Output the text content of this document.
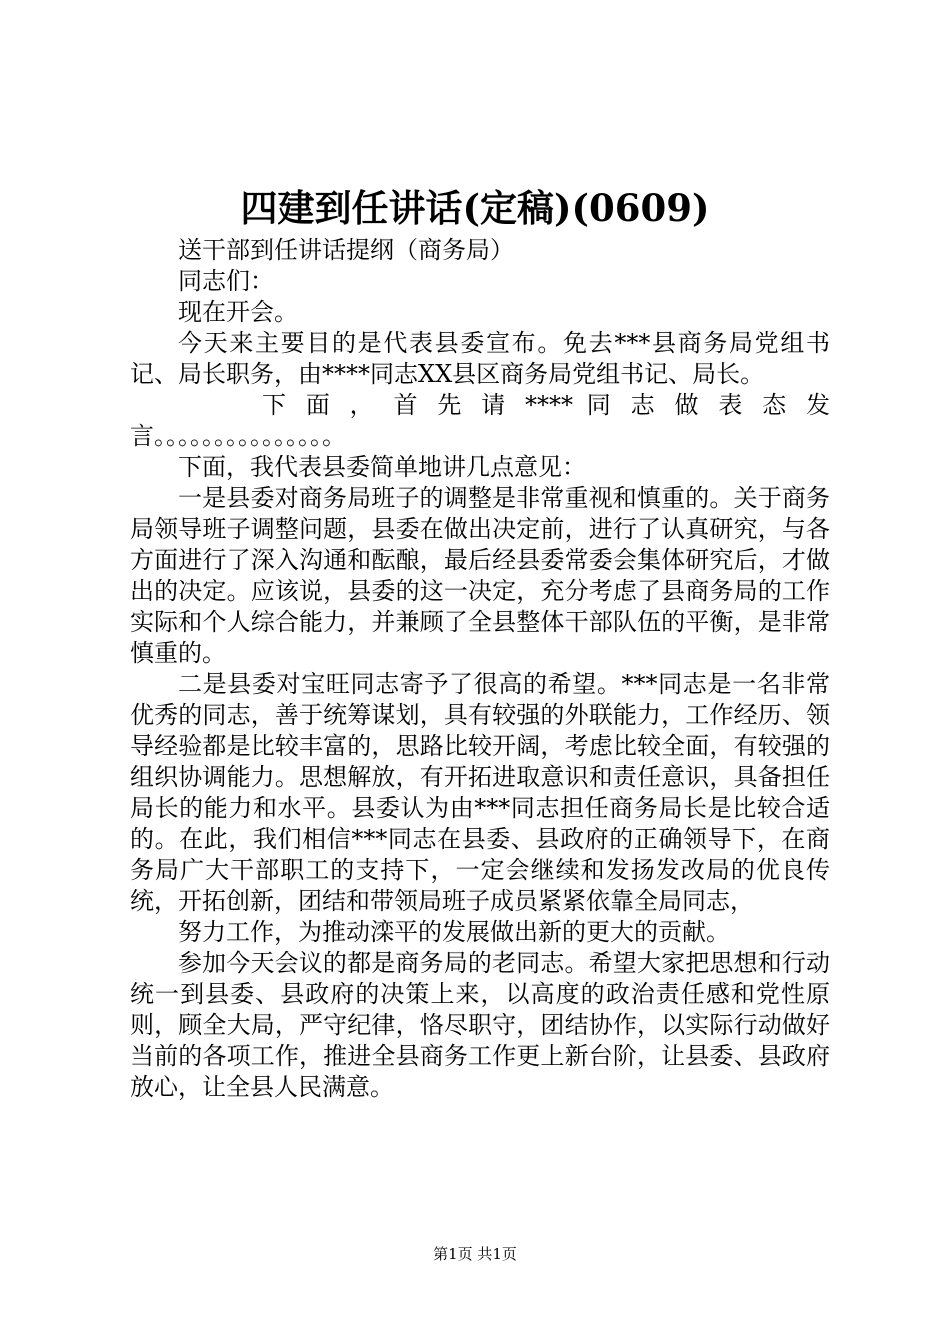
四建到任讲话(定稿)(0609)

送干部到任讲话提纲（商务局）

同志们：

现在开会。

今天来主要目的是代表县委宣布。免去***县商务局党组书记、局长职务，由****同志XX县区商务局党组书记、局长。

下 面 ， 首 先 请 **** 同 志 做 表 态 发 言。。。。。。。。。。。。。。。

下面，我代表县委简单地讲几点意见：

一是县委对商务局班子的调整是非常重视和慎重的。关于商务局领导班子调整问题，县委在做出决定前，进行了认真研究，与各方面进行了深入沟通和酝酿，最后经县委常委会集体研究后，才做出的决定。应该说，县委的这一决定，充分考虑了县商务局的工作实际和个人综合能力，并兼顾了全县整体干部队伍的平衡，是非常慎重的。

二是县委对宝旺同志寄予了很高的希望。***同志是一名非常优秀的同志，善于统筹谋划，具有较强的外联能力，工作经历、领导经验都是比较丰富的，思路比较开阔，考虑比较全面，有较强的组织协调能力。思想解放，有开拓进取意识和责任意识，具备担任局长的能力和水平。县委认为由***同志担任商务局长是比较合适的。在此，我们相信***同志在县委、县政府的正确领导下，在商务局广大干部职工的支持下，一定会继续和发扬发改局的优良传统，开拓创新，团结和带领局班子成员紧紧依靠全局同志，

努力工作，为推动滦平的发展做出新的更大的贡献。

参加今天会议的都是商务局的老同志。希望大家把思想和行动统一到县委、县政府的决策上来，以高度的政治责任感和党性原则，顾全大局，严守纪律，恪尽职守，团结协作，以实际行动做好当前的各项工作，推进全县商务工作更上新台阶，让县委、县政府放心，让全县人民满意。

第1页 共1页
